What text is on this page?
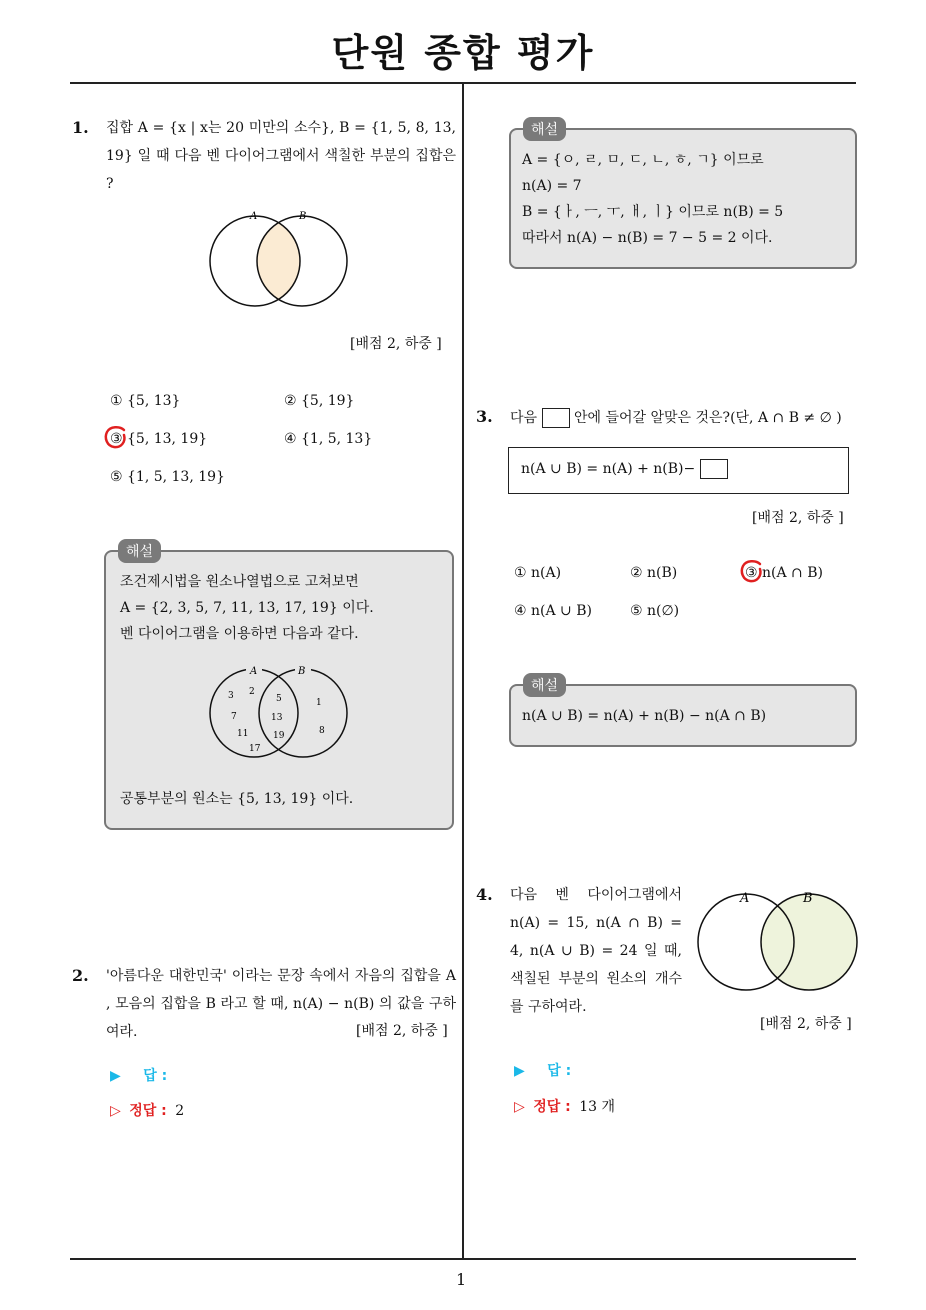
단원 종합 평가
1
1. 집합 A = {x | x는 20 미만의 소수}, B = {1, 5, 8, 13, 19} 일 때 다음 벤 다이어그램에서 색칠한 부분의 집합은 ?
A	B
[배점 2, 하중 ]
① {5, 13}	② {5, 19}
③ {5, 13, 19}	④ {1, 5, 13}
⑤ {1, 5, 13, 19}
해설
조건제시법을 원소나열법으로 고쳐보면
A = {2, 3, 5, 7, 11, 13, 17, 19} 이다.
벤 다이어그램을 이용하면 다음과 같다.
A	B
3 2
7
11
17
5
13
19
1
8
공통부분의 원소는 {5, 13, 19} 이다.
2. '아름다운 대한민국' 이라는 문장 속에서 자음의 집합을 A , 모음의 집합을 B 라고 할 때, n(A) − n(B) 의 값을 구하여라.	[배점 2, 하중 ]
▶ 답 :
▷ 정답 : 2
해설
A = {ㅇ, ㄹ, ㅁ, ㄷ, ㄴ, ㅎ, ㄱ} 이므로
n(A) = 7
B = {ㅏ, ㅡ, ㅜ, ㅐ, ㅣ} 이므로 n(B) = 5
따라서 n(A) − n(B) = 7 − 5 = 2 이다.
3. 다음	안에 들어갈 알맞은 것은?(단, A ∩ B ≠ ∅ )
n(A ∪ B) = n(A) + n(B)−
[배점 2, 하중 ]
① n(A)	② n(B)	③ n(A ∩ B)
④ n(A ∪ B)	⑤ n(∅)
해설
n(A ∪ B) = n(A) + n(B) − n(A ∩ B)
4. 다음 벤 다이어그램에서 n(A) = 15, n(A ∩ B) = 4, n(A ∪ B) = 24 일 때, 색칠된 부분의 원소의 개수를 구하여라.
A	B
[배점 2, 하중 ]
▶ 답 :
▷ 정답 : 13 개
